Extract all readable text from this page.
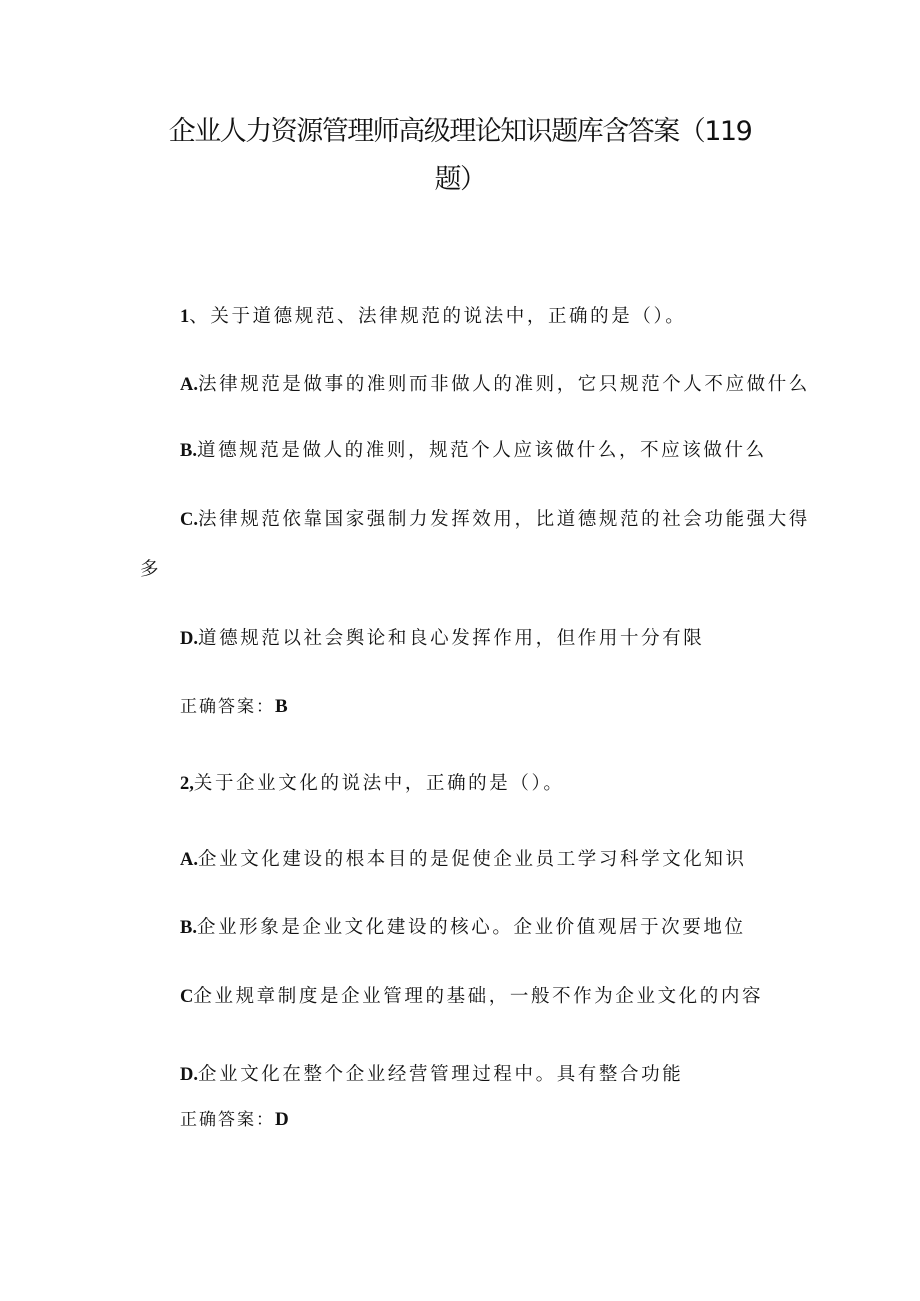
企业人力资源管理师高级理论知识题库含答案（119
题）
1、关于道德规范、法律规范的说法中，正确的是（）。
A.法律规范是做事的准则而非做人的准则，它只规范个人不应做什么
B.道德规范是做人的准则，规范个人应该做什么，不应该做什么
C.法律规范依靠国家强制力发挥效用，比道德规范的社会功能强大得
多
D.道德规范以社会舆论和良心发挥作用，但作用十分有限
正确答案：B
2,关于企业文化的说法中，正确的是（）。
A.企业文化建设的根本目的是促使企业员工学习科学文化知识
B.企业形象是企业文化建设的核心。企业价值观居于次要地位
C企业规章制度是企业管理的基础，一般不作为企业文化的内容
D.企业文化在整个企业经营管理过程中。具有整合功能
正确答案：D
